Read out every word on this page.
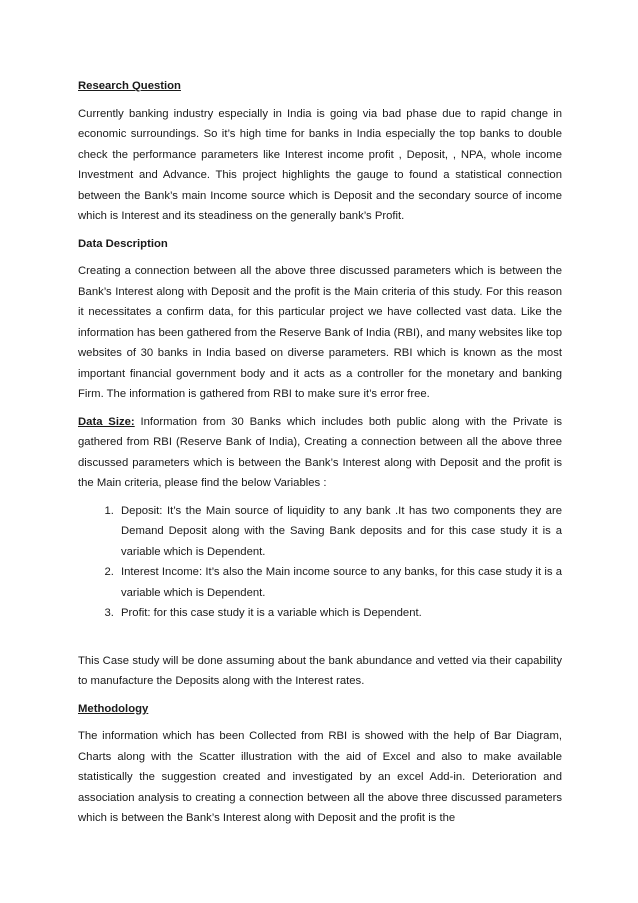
Research Question

Currently banking industry especially in India is going via bad phase due to rapid change in economic surroundings. So it’s high time for banks in India especially the top banks to double check the performance parameters like Interest income profit , Deposit, , NPA, whole income Investment and Advance. This project highlights the gauge to found a statistical connection between the Bank’s main Income source which is Deposit and the secondary source of income which is Interest and its steadiness on the generally bank’s Profit.

Data Description

Creating a connection between all the above three discussed parameters which is between the Bank’s Interest along with Deposit and the profit is the Main criteria of this study. For this reason it necessitates a confirm data, for this particular project we have collected vast data. Like the information has been gathered from the Reserve Bank of India (RBI), and many websites like top websites of 30 banks in India based on diverse parameters. RBI which is known as the most important financial government body and it acts as a controller for the monetary and banking Firm. The information is gathered from RBI to make sure it’s error free.

Data Size: Information from 30 Banks which includes both public along with the Private is gathered from RBI (Reserve Bank of India), Creating a connection between all the above three discussed parameters which is between the Bank’s Interest along with Deposit and the profit is the Main criteria, please find the below Variables :

1. Deposit: It’s the Main source of liquidity to any bank .It has two components they are Demand Deposit along with the Saving Bank deposits and for this case study it is a variable which is Dependent.
2. Interest Income: It’s also the Main income source to any banks, for this case study it is a variable which is Dependent.
3. Profit: for this case study it is a variable which is Dependent.

This Case study will be done assuming about the bank abundance and vetted via their capability to manufacture the Deposits along with the Interest rates.

Methodology

The information which has been Collected from RBI is showed with the help of Bar Diagram, Charts along with the Scatter illustration with the aid of Excel and also to make available statistically the suggestion created and investigated by an excel Add-in. Deterioration and association analysis to creating a connection between all the above three discussed parameters which is between the Bank’s Interest along with Deposit and the profit is the
